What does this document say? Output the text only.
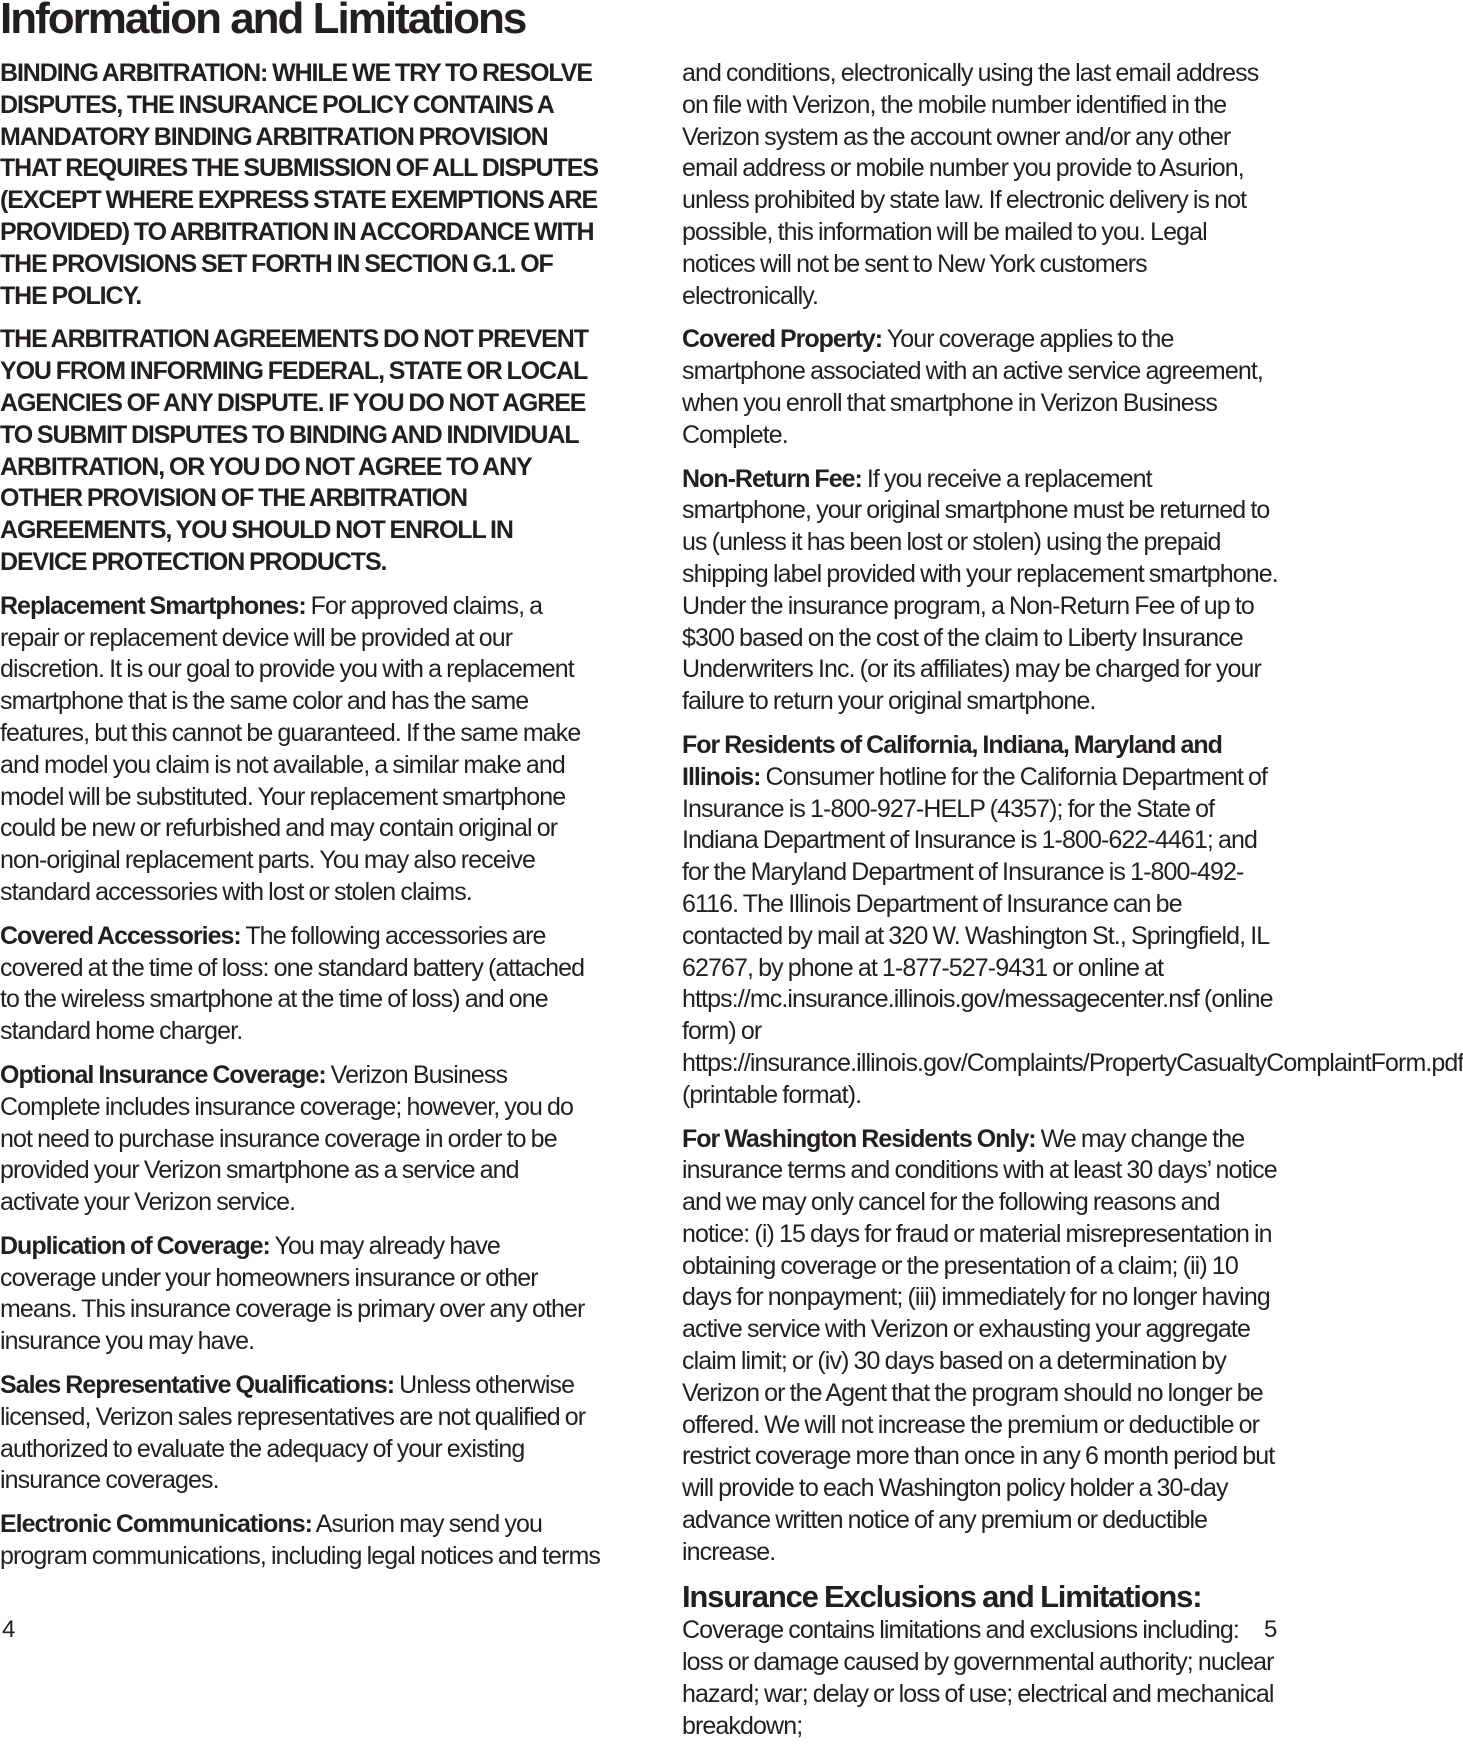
Information and Limitations

BINDING ARBITRATION: WHILE WE TRY TO RESOLVE DISPUTES, THE INSURANCE POLICY CONTAINS A MANDATORY BINDING ARBITRATION PROVISION THAT REQUIRES THE SUBMISSION OF ALL DISPUTES (EXCEPT WHERE EXPRESS STATE EXEMPTIONS ARE PROVIDED) TO ARBITRATION IN ACCORDANCE WITH THE PROVISIONS SET FORTH IN SECTION G.1. OF THE POLICY.

THE ARBITRATION AGREEMENTS DO NOT PREVENT YOU FROM INFORMING FEDERAL, STATE OR LOCAL AGENCIES OF ANY DISPUTE. IF YOU DO NOT AGREE TO SUBMIT DISPUTES TO BINDING AND INDIVIDUAL ARBITRATION, OR YOU DO NOT AGREE TO ANY OTHER PROVISION OF THE ARBITRATION AGREEMENTS, YOU SHOULD NOT ENROLL IN DEVICE PROTECTION PRODUCTS.

Replacement Smartphones: For approved claims, a repair or replacement device will be provided at our discretion. It is our goal to provide you with a replacement smartphone that is the same color and has the same features, but this cannot be guaranteed. If the same make and model you claim is not available, a similar make and model will be substituted. Your replacement smartphone could be new or refurbished and may contain original or non-original replacement parts. You may also receive standard accessories with lost or stolen claims.

Covered Accessories: The following accessories are covered at the time of loss: one standard battery (attached to the wireless smartphone at the time of loss) and one standard home charger.

Optional Insurance Coverage: Verizon Business Complete includes insurance coverage; however, you do not need to purchase insurance coverage in order to be provided your Verizon smartphone as a service and activate your Verizon service.

Duplication of Coverage: You may already have coverage under your homeowners insurance or other means. This insurance coverage is primary over any other insurance you may have.

Sales Representative Qualifications: Unless otherwise licensed, Verizon sales representatives are not qualified or authorized to evaluate the adequacy of your existing insurance coverages.

Electronic Communications: Asurion may send you program communications, including legal notices and terms

and conditions, electronically using the last email address on file with Verizon, the mobile number identified in the Verizon system as the account owner and/or any other email address or mobile number you provide to Asurion, unless prohibited by state law. If electronic delivery is not possible, this information will be mailed to you. Legal notices will not be sent to New York customers electronically.

Covered Property: Your coverage applies to the smartphone associated with an active service agreement, when you enroll that smartphone in Verizon Business Complete.

Non-Return Fee: If you receive a replacement smartphone, your original smartphone must be returned to us (unless it has been lost or stolen) using the prepaid shipping label provided with your replacement smartphone. Under the insurance program, a Non-Return Fee of up to $300 based on the cost of the claim to Liberty Insurance Underwriters Inc. (or its affiliates) may be charged for your failure to return your original smartphone.

For Residents of California, Indiana, Maryland and Illinois: Consumer hotline for the California Department of Insurance is 1-800-927-HELP (4357); for the State of Indiana Department of Insurance is 1-800-622-4461; and for the Maryland Department of Insurance is 1-800-492-6116. The Illinois Department of Insurance can be contacted by mail at 320 W. Washington St., Springfield, IL 62767, by phone at 1-877-527-9431 or online at https://mc.insurance.illinois.gov/messagecenter.nsf (online form) or https://insurance.illinois.gov/Complaints/PropertyCasualtyComplaintForm.pdf (printable format).

For Washington Residents Only: We may change the insurance terms and conditions with at least 30 days’ notice and we may only cancel for the following reasons and notice: (i) 15 days for fraud or material misrepresentation in obtaining coverage or the presentation of a claim; (ii) 10 days for nonpayment; (iii) immediately for no longer having active service with Verizon or exhausting your aggregate claim limit; or (iv) 30 days based on a determination by Verizon or the Agent that the program should no longer be offered. We will not increase the premium or deductible or restrict coverage more than once in any 6 month period but will provide to each Washington policy holder a 30-day advance written notice of any premium or deductible increase.

Insurance Exclusions and Limitations: Coverage contains limitations and exclusions including: loss or damage caused by governmental authority; nuclear hazard; war; delay or loss of use; electrical and mechanical breakdown;

4	5
